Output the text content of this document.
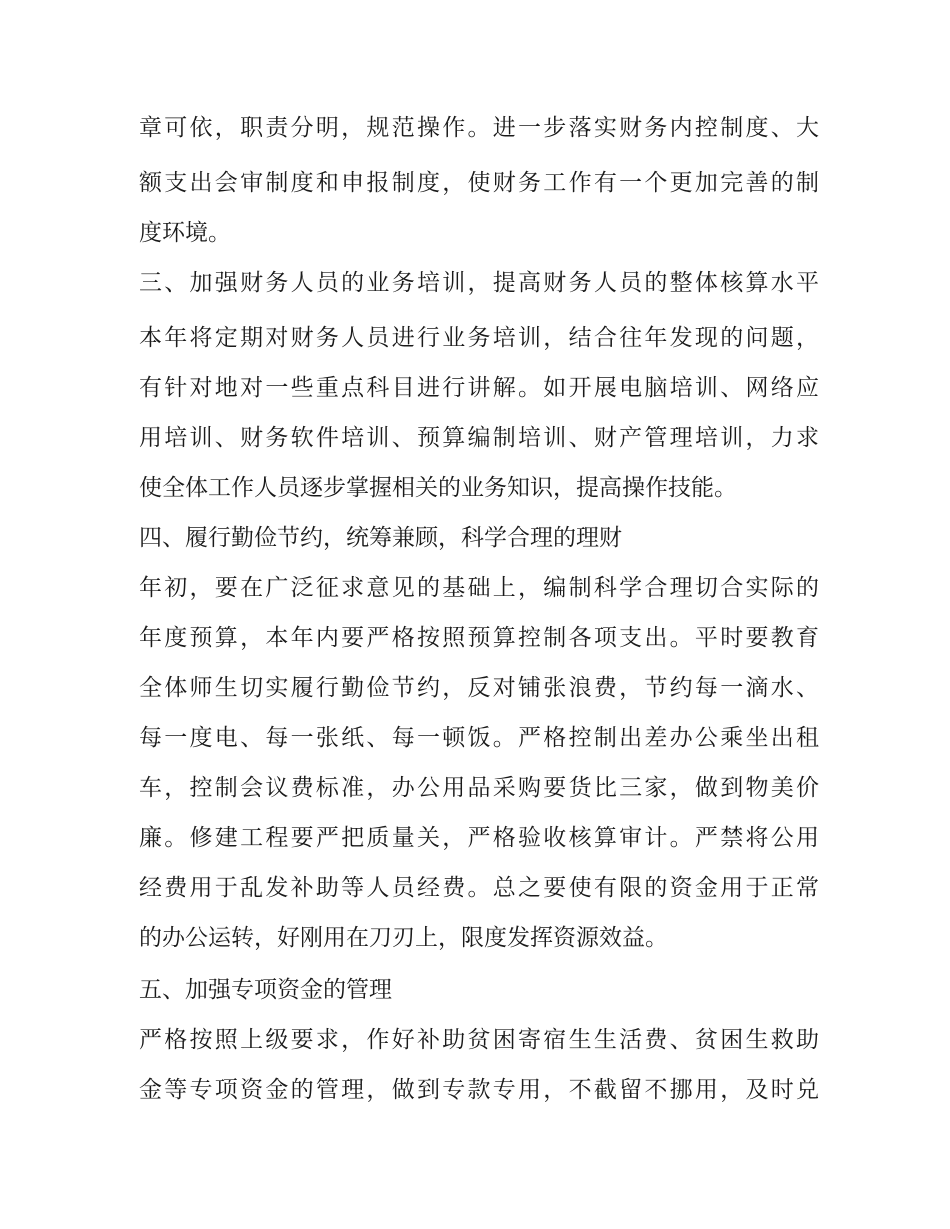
章可依，职责分明，规范操作。进一步落实财务内控制度、大
额支出会审制度和申报制度，使财务工作有一个更加完善的制
度环境。
三、加强财务人员的业务培训，提高财务人员的整体核算水平
本年将定期对财务人员进行业务培训，结合往年发现的问题，
有针对地对一些重点科目进行讲解。如开展电脑培训、网络应
用培训、财务软件培训、预算编制培训、财产管理培训，力求
使全体工作人员逐步掌握相关的业务知识，提高操作技能。
四、履行勤俭节约，统筹兼顾，科学合理的理财
年初，要在广泛征求意见的基础上，编制科学合理切合实际的
年度预算，本年内要严格按照预算控制各项支出。平时要教育
全体师生切实履行勤俭节约，反对铺张浪费，节约每一滴水、
每一度电、每一张纸、每一顿饭。严格控制出差办公乘坐出租
车，控制会议费标准，办公用品采购要货比三家，做到物美价
廉。修建工程要严把质量关，严格验收核算审计。严禁将公用
经费用于乱发补助等人员经费。总之要使有限的资金用于正常
的办公运转，好刚用在刀刃上，限度发挥资源效益。
五、加强专项资金的管理
严格按照上级要求，作好补助贫困寄宿生生活费、贫困生救助
金等专项资金的管理，做到专款专用，不截留不挪用，及时兑
